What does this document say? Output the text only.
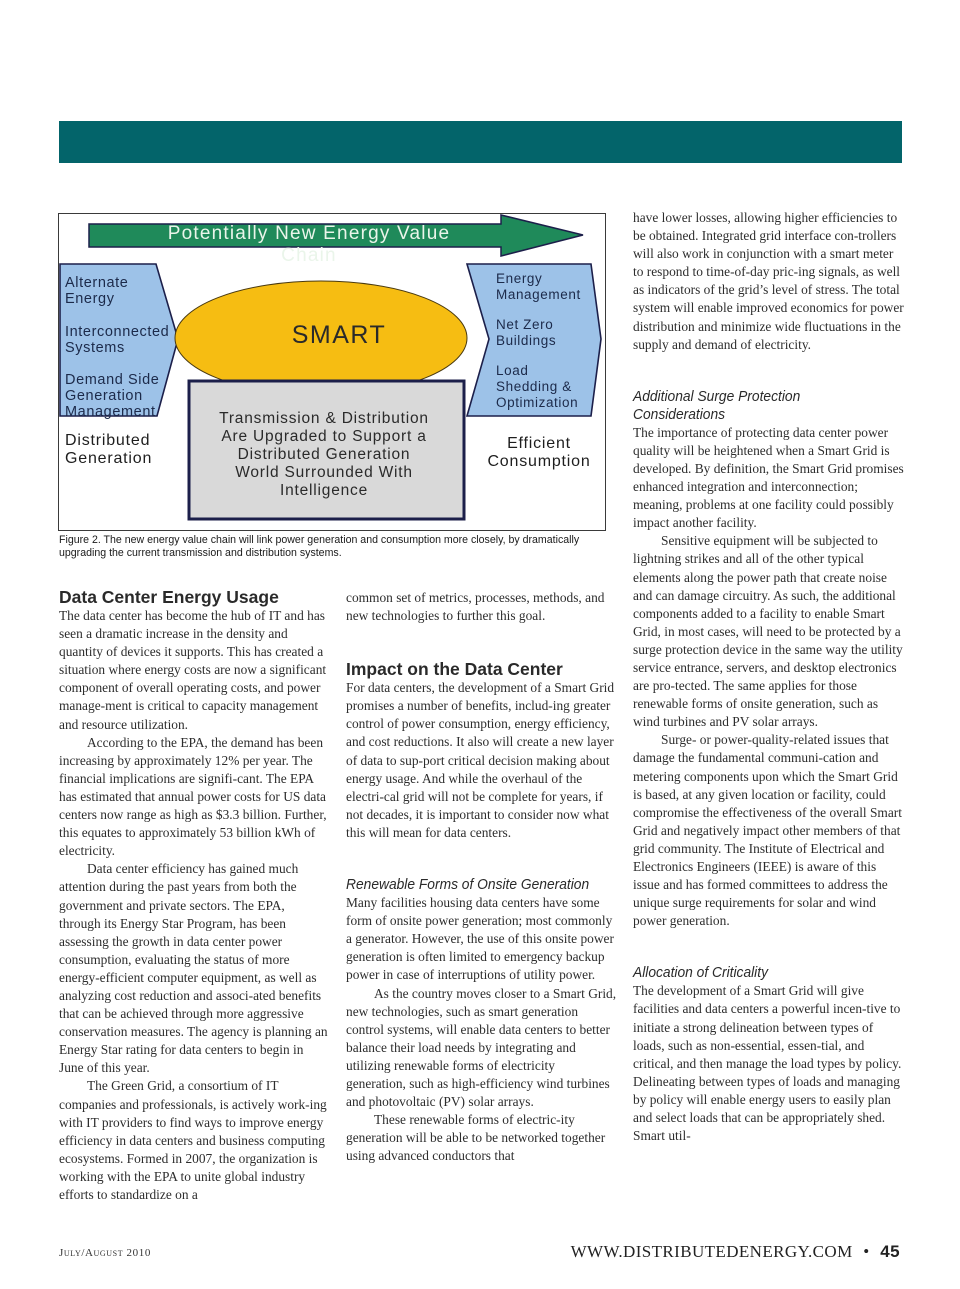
Potentially New Energy Value Chain
Alternate
Energy
Interconnected
Systems
Demand Side
Generation
Management
Distributed
Generation
SMART
Transmission & Distribution
Are Upgraded to Support a
Distributed Generation
World Surrounded With
Intelligence
Energy
Management
Net Zero
Buildings
Load
Shedding &
Optimization
Efficient
Consumption
Figure 2. The new energy value chain will link power generation and consumption more closely, by dramatically upgrading the current transmission and distribution systems.
Data Center Energy Usage

The data center has become the hub of IT and has seen a dramatic increase in the density and quantity of devices it supports. This has created a situation where energy costs are now a significant component of overall operating costs, and power manage-ment is critical to capacity management and resource utilization.

According to the EPA, the demand has been increasing by approximately 12% per year. The financial implications are signifi-cant. The EPA has estimated that annual power costs for US data centers now range as high as $3.3 billion. Further, this equates to approximately 53 billion kWh of electricity.

Data center efficiency has gained much attention during the past years from both the government and private sectors. The EPA, through its Energy Star Program, has been assessing the growth in data center power consumption, evaluating the status of more energy-efficient computer equipment, as well as analyzing cost reduction and associ-ated benefits that can be achieved through more aggressive conservation measures. The agency is planning an Energy Star rating for data centers to begin in June of this year.

The Green Grid, a consortium of IT companies and professionals, is actively work-ing with IT providers to find ways to improve energy efficiency in data centers and business computing ecosystems. Formed in 2007, the organization is working with the EPA to unite global industry efforts to standardize on a

common set of metrics, processes, methods, and new technologies to further this goal.

Impact on the Data Center

For data centers, the development of a Smart Grid promises a number of benefits, includ-ing greater control of power consumption, energy efficiency, and cost reductions. It also will create a new layer of data to sup-port critical decision making about energy usage. And while the overhaul of the electri-cal grid will not be complete for years, if not decades, it is important to consider now what this will mean for data centers.

Renewable Forms of Onsite Generation

Many facilities housing data centers have some form of onsite power generation; most commonly a generator. However, the use of this onsite power generation is often limited to emergency backup power in case of interruptions of utility power.

As the country moves closer to a Smart Grid, new technologies, such as smart generation control systems, will enable data centers to better balance their load needs by integrating and utilizing renewable forms of electricity generation, such as high-efficiency wind turbines and photovoltaic (PV) solar arrays.

These renewable forms of electric-ity generation will be able to be networked together using advanced conductors that

have lower losses, allowing higher efficiencies to be obtained. Integrated grid interface con-trollers will also work in conjunction with a smart meter to respond to time-of-day pric-ing signals, as well as indicators of the grid’s level of stress. The total system will enable improved economics for power distribution and minimize wide fluctuations in the supply and demand of electricity.

Additional Surge Protection
Considerations

The importance of protecting data center power quality will be heightened when a Smart Grid is developed. By definition, the Smart Grid promises enhanced integration and interconnection; meaning, problems at one facility could possibly impact another facility.

Sensitive equipment will be subjected to lightning strikes and all of the other typical elements along the power path that create noise and can damage circuitry. As such, the additional components added to a facility to enable Smart Grid, in most cases, will need to be protected by a surge protection device in the same way the utility service entrance, servers, and desktop electronics are pro-tected. The same applies for those renewable forms of onsite generation, such as wind turbines and PV solar arrays.

Surge- or power-quality-related issues that damage the fundamental communi-cation and metering components upon which the Smart Grid is based, at any given location or facility, could compromise the effectiveness of the overall Smart Grid and negatively impact other members of that grid community. The Institute of Electrical and Electronics Engineers (IEEE) is aware of this issue and has formed committees to address the unique surge requirements for solar and wind power generation.

Allocation of Criticality

The development of a Smart Grid will give facilities and data centers a powerful incen-tive to initiate a strong delineation between types of loads, such as non-essential, essen-tial, and critical, and then manage the load types by policy. Delineating between types of loads and managing by policy will enable energy users to easily plan and select loads that can be appropriately shed. Smart util-

July/August 2010	WWW.DISTRIBUTEDENERGY.COM • 45
